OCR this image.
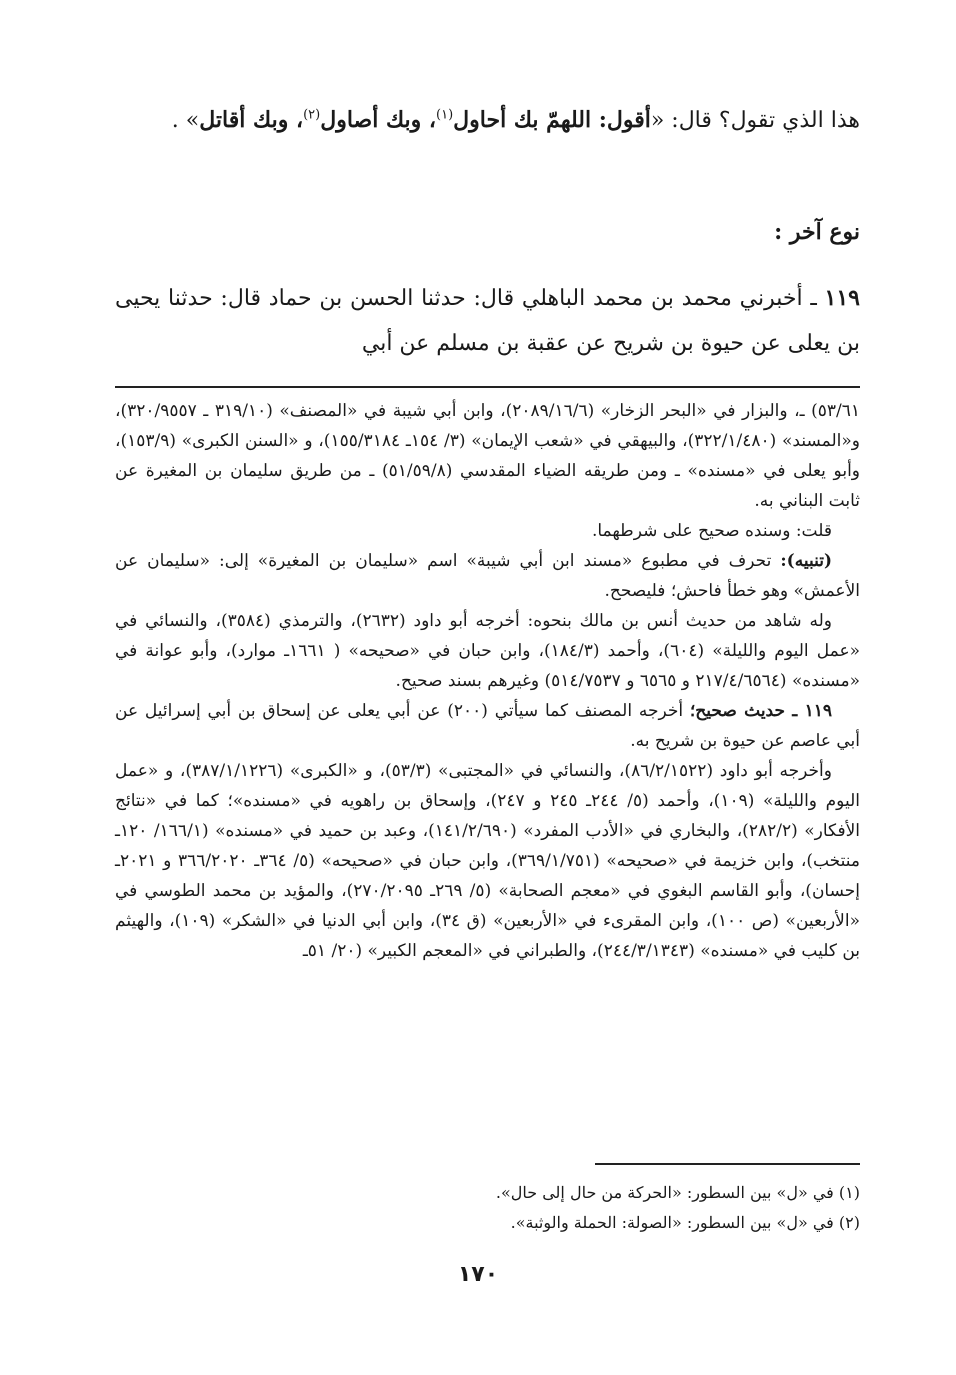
هذا الذي تقول؟ قال: «أقول: اللهمّ بك أحاول$^{(١)}$، وبك أصاول$^{(٢)}$، وبك أقاتل» .

نوع آخر :

١١٩ ـ أخبرني محمد بن محمد الباهلي قال: حدثنا الحسن بن حماد قال: حدثنا يحيى بن يعلى عن حيوة بن شريح عن عقبة بن مسلم عن أبي

٥٣/٦١) ـ، والبزار في «البحر الزخار» (٢٠٨٩/١٦/٦)، وابن أبي شيبة في «المصنف» (٣١٩/١٠ ـ ٣٢٠/٩٥٥٧)، و«المسند» (٣٢٢/١/٤٨٠)، والبيهقي في «شعب الإيمان» (٣/ ١٥٤ـ ١٥٥/٣١٨٤)، و «السنن الكبرى» (١٥٣/٩)، وأبو يعلى في «مسنده» ـ ومن طريقه الضياء المقدسي (٥١/٥٩/٨) ـ من طريق سليمان بن المغيرة عن ثابت البناني به.

قلت: وسنده صحيح على شرطهما.

(تنبيه): تحرف في مطبوع «مسند ابن أبي شيبة» اسم «سليمان بن المغيرة» إلى: «سليمان عن الأعمش» وهو خطأ فاحش؛ فليصحح.

وله شاهد من حديث أنس بن مالك بنحوه: أخرجه أبو داود (٢٦٣٢)، والترمذي (٣٥٨٤)، والنسائي في «عمل اليوم والليلة» (٦٠٤)، وأحمد (١٨٤/٣)، وابن حبان في «صحيحه» ( ١٦٦١ـ موارد)، وأبو عوانة في «مسنده» (٢١٧/٤/٦٥٦٤ و ٦٥٦٥ و ٥١٤/٧٥٣٧) وغيرهم بسند صحيح.

١١٩ ـ حديث صحيح؛ أخرجه المصنف كما سيأتي (٢٠٠) عن أبي يعلى عن إسحاق بن أبي إسرائيل عن أبي عاصم عن حيوة بن شريح به.

وأخرجه أبو داود (٨٦/٢/١٥٢٢)، والنسائي في «المجتبى» (٥٣/٣)، و «الكبرى» (٣٨٧/١/١٢٢٦)، و «عمل اليوم والليلة» (١٠٩)، وأحمد (٥/ ٢٤٤ـ ٢٤٥ و ٢٤٧)، وإسحاق بن راهويه في «مسنده»؛ كما في «نتائج الأفكار» (٢٨٢/٢)، والبخاري في «الأدب المفرد» (١٤١/٢/٦٩٠)، وعبد بن حميد في «مسنده» (١٦٦/١/ ١٢٠ـ منتخب)، وابن خزيمة في «صحيحه» (٣٦٩/١/٧٥١)، وابن حبان في «صحيحه» (٥/ ٣٦٤ـ ٣٦٦/٢٠٢٠ و ٢٠٢١ـ إحسان)، وأبو القاسم البغوي في «معجم الصحابة» (٥/ ٢٦٩ـ ٢٧٠/٢٠٩٥)، والمؤيد بن محمد الطوسي في «الأربعين» (ص ١٠٠)، وابن المقرىء في «الأربعين» (ق ٣٤)، وابن أبي الدنيا في «الشكر» (١٠٩)، والهيثم بن كليب في «مسنده» (٢٤٤/٣/١٣٤٣)، والطبراني في «المعجم الكبير» (٢٠/ ٥١ـ

(١) في «ل» بين السطور: «الحركة من حال إلى حال».

(٢) في «ل» بين السطور: «الصولة: الحملة والوثبة».

١٧٠
